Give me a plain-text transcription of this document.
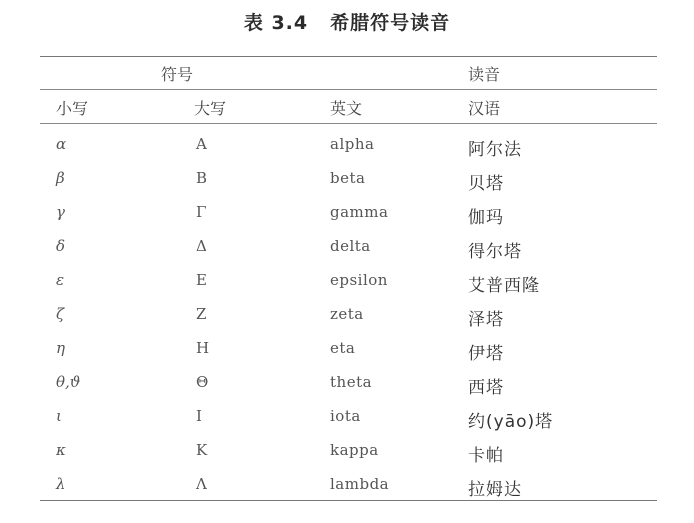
表 3.4 希腊符号读音
符号	读音
小写	大写	英文	汉语
α	A	alpha	阿尔法
β	B	beta	贝塔
γ	Γ	gamma	伽玛
δ	Δ	delta	得尔塔
ε	E	epsilon	艾普西隆
ζ	Z	zeta	泽塔
η	H	eta	伊塔
θ,ϑ	Θ	theta	西塔
ι	I	iota	约(yāo)塔
κ	K	kappa	卡帕
λ	Λ	lambda	拉姆达
